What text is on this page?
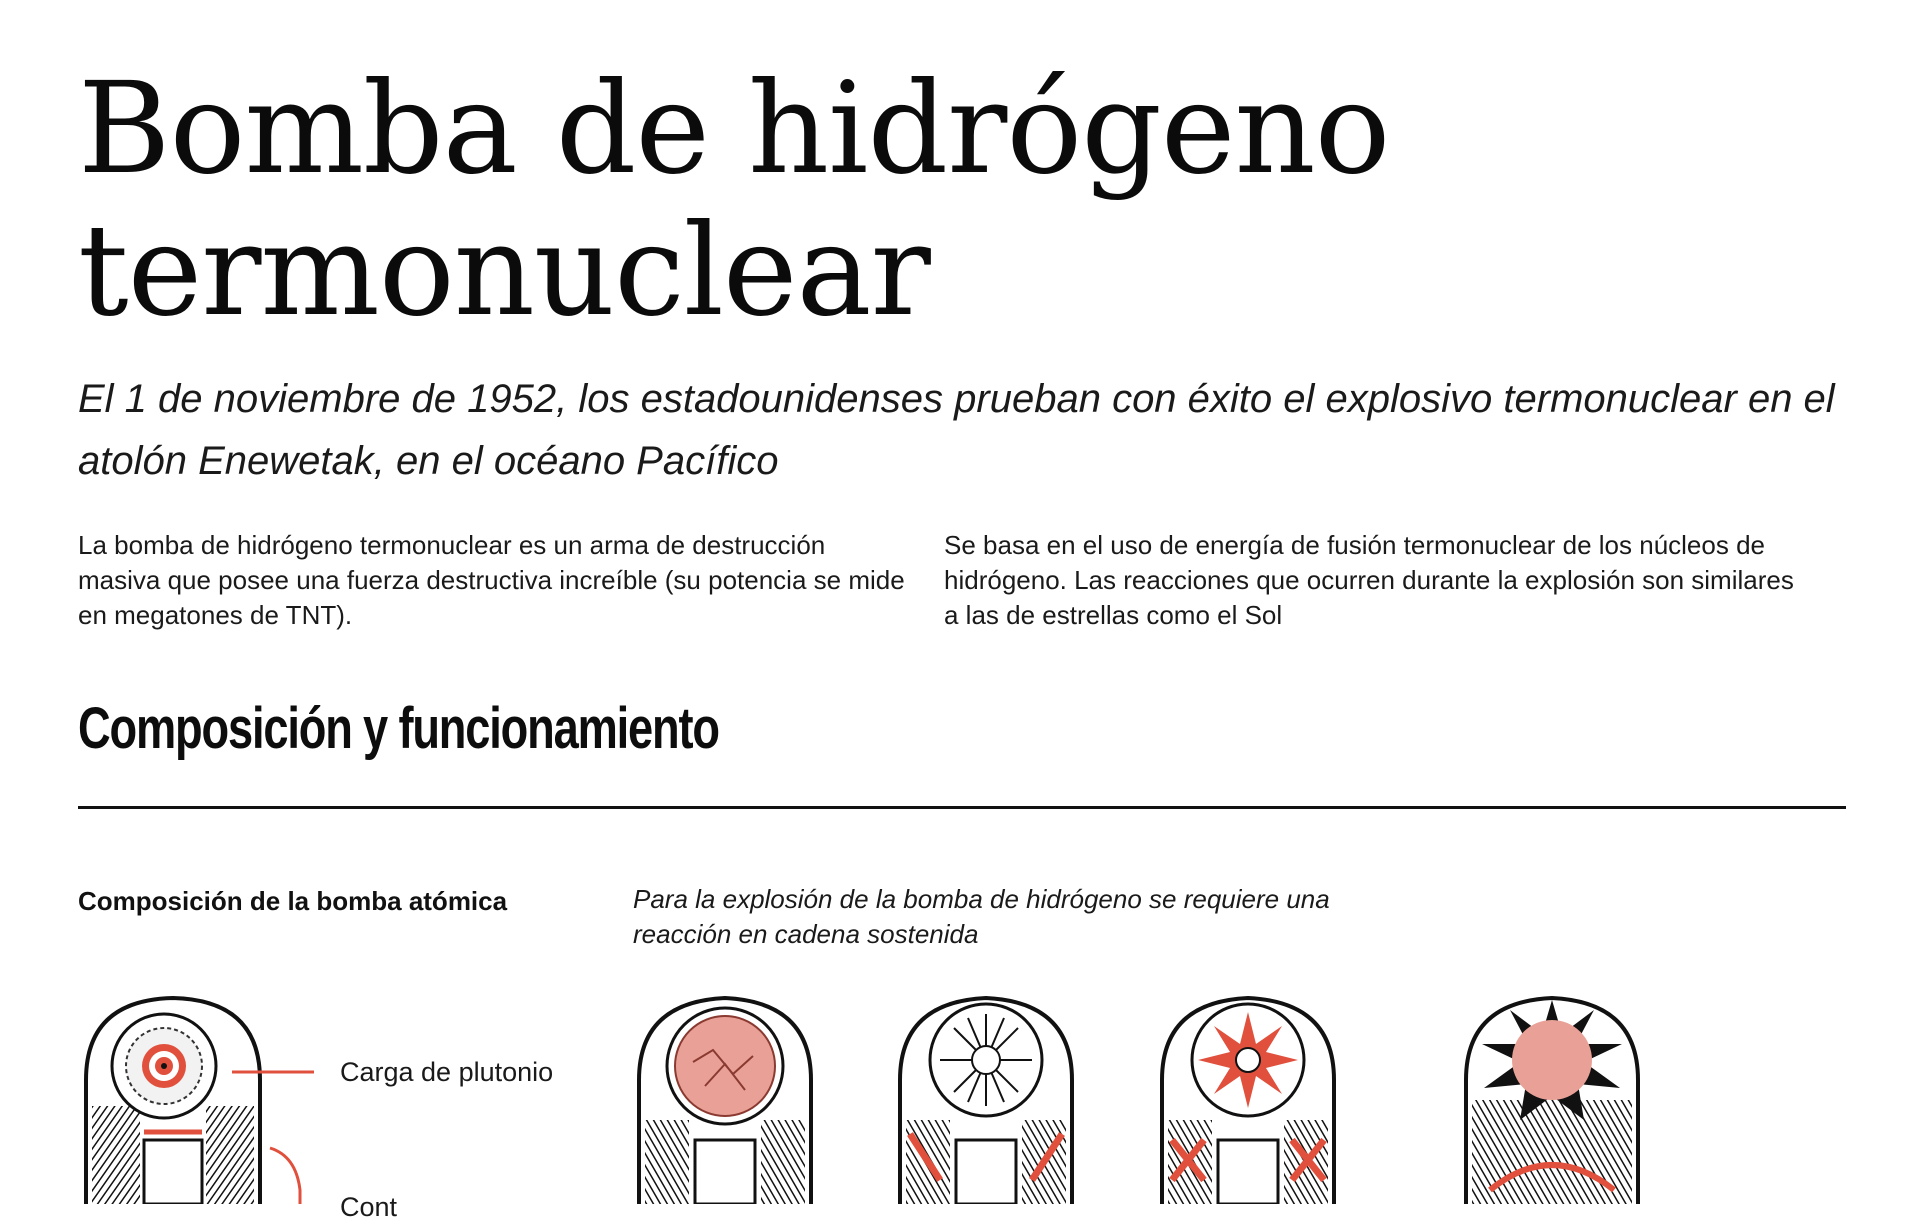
Bomba de hidrógeno
termonuclear

El 1 de noviembre de 1952, los estadounidenses prueban con éxito el explosivo termonuclear en el atolón Enewetak, en el océano Pacífico

La bomba de hidrógeno termonuclear es un arma de destrucción masiva que posee una fuerza destructiva increíble (su potencia se mide en megatones de TNT).

Se basa en el uso de energía de fusión termonuclear de los núcleos de hidrógeno. Las reacciones que ocurren durante la explosión son similares a las de estrellas como el Sol

Composición y funcionamiento
Composición de la bomba atómica	Para la explosión de la bomba de hidrógeno se requiere una reacción en cadena sostenida

Carga de plutonio
Cont
